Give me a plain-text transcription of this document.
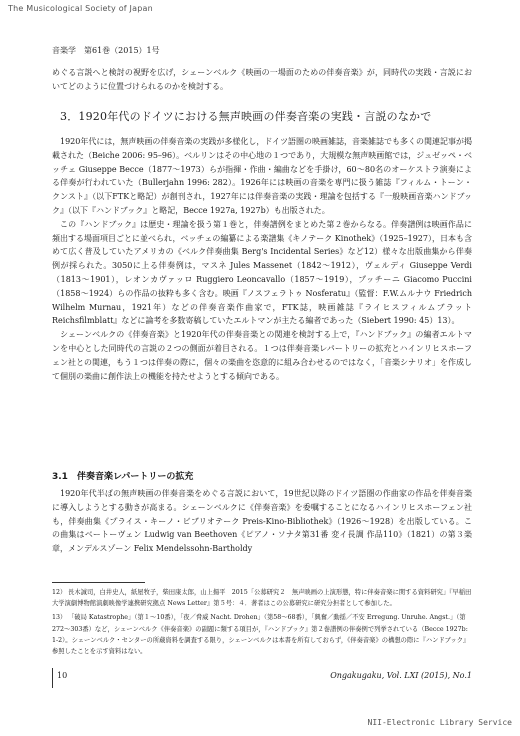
The Musicological Society of Japan
音楽学　第61巻（2015）1号

めぐる言説へと検討の視野を広げ，シェーンベルク《映画の一場面のための伴奏音楽》が，同時代の実践・言説においてどのように位置づけられるのかを検討する。

3．1920年代のドイツにおける無声映画の伴奏音楽の実践・言説のなかで

1920年代には，無声映画の伴奏音楽の実践が多様化し，ドイツ語圏の映画雑誌，音楽雑誌でも多くの関連記事が掲載された（Beiche 2006: 95–96）。ベルリンはその中心地の１つであり，大規模な無声映画館では，ジュゼッペ・ベッチェ Giuseppe Becce（1877〜1973）らが指揮・作曲・編曲などを手掛け，60〜80名のオーケストラ演奏による伴奏が行われていた（Bullerjahn 1996: 282）。1926年には映画の音楽を専門に扱う雑誌『フィルム・トーン・クンスト』（以下FTKと略記）が創刊され，1927年には伴奏音楽の実践・理論を包括する『一般映画音楽ハンドブック』（以下『ハンドブック』と略記，Becce 1927a, 1927b）も出版された。

この『ハンドブック』は歴史・理論を扱う第１巻と，伴奏譜例をまとめた第２巻からなる。伴奏譜例は映画作品に頻出する場面項目ごとに並べられ，ベッチェの編纂による楽譜集《キノテーク Kinothek》（1925–1927），日本も含めて広く普及していたアメリカの《ベルク伴奏曲集 Berg's Incidental Series》など12）様々な出版曲集から伴奏例が採られた。3050に上る伴奏例は，マスネ Jules Massenet（1842〜1912），ヴェルディ Giuseppe Verdi（1813〜1901），レオンカヴァッロ Ruggiero Leoncavallo（1857〜1919），プッチーニ Giacomo Puccini（1858〜1924）らの作品の抜粋も多く含む。映画『ノスフェラトゥ Nosferatu』（監督：F.W.ムルナウ Friedrich Wilhelm Murnau，1921年）などの伴奏音楽作曲家で，FTK誌，映画雑誌『ライヒスフィルムブラット Reichsfilmblatt』などに論考を多数寄稿していたエルトマンが主たる編者であった（Siebert 1990: 45）13）。

シェーンベルクの《伴奏音楽》と1920年代の伴奏音楽との関連を検討する上で，『ハンドブック』の編者エルトマンを中心とした同時代の言説の２つの側面が着目される。１つは伴奏音楽レパートリーの拡充とハインリヒスホーフェン社との関連，もう１つは伴奏の際に，個々の楽曲を恣意的に組み合わせるのではなく，「音楽シナリオ」を作成して個別の楽曲に創作法上の機能を持たせようとする傾向である。

3.1　伴奏音楽レパートリーの拡充

1920年代半ばの無声映画の伴奏音楽をめぐる言説において，19世紀以降のドイツ語圏の作曲家の作品を伴奏音楽に導入しようとする動きが高まる。シェーンベルクに《伴奏音楽》を委嘱することになるハインリヒスホーフェン社も，伴奏曲集《プライス・キーノ・ビブリオテーク Preis-Kino-Bibliothek》（1926〜1928）を出版している。この曲集はベートーヴェン Ludwig van Beethoven《ピアノ・ソナタ第31番 変イ長調 作品110》（1821）の第３楽章，メンデルスゾーン Felix Mendelssohn-Bartholdy

12） 長木誠司，白井史人，紙屋牧子，柴田康太郎，山上揚平　2015「公募研究２　無声映画の上演形態，特に伴奏音楽に関する資料研究」『早稲田大学演劇博物館演劇映像学連携研究拠点 News Letter』第５号：４．著者はこの公募研究に研究分担者として参加した。
13） 「破局 Katastrophe」（第１〜10番），「夜／脅威 Nacht. Drohen」（第58〜68番），「興奮／動揺／不安 Erregung. Unruhe. Angst.」（第272〜303番）など，シェーンベルク《伴奏音楽》の副題に類する項目が，『ハンドブック』第２巻譜例の伴奏例で列挙されている（Becce 1927b: 1-2）。シェーンベルク・センターの所蔵資料を調査する限り，シェーンベルクは本書を所有しておらず，《伴奏音楽》の構想の際に『ハンドブック』参照したことを示す資料はない。
10	Ongakugaku, Vol. LXI (2015), No.1
NII-Electronic Library Service
